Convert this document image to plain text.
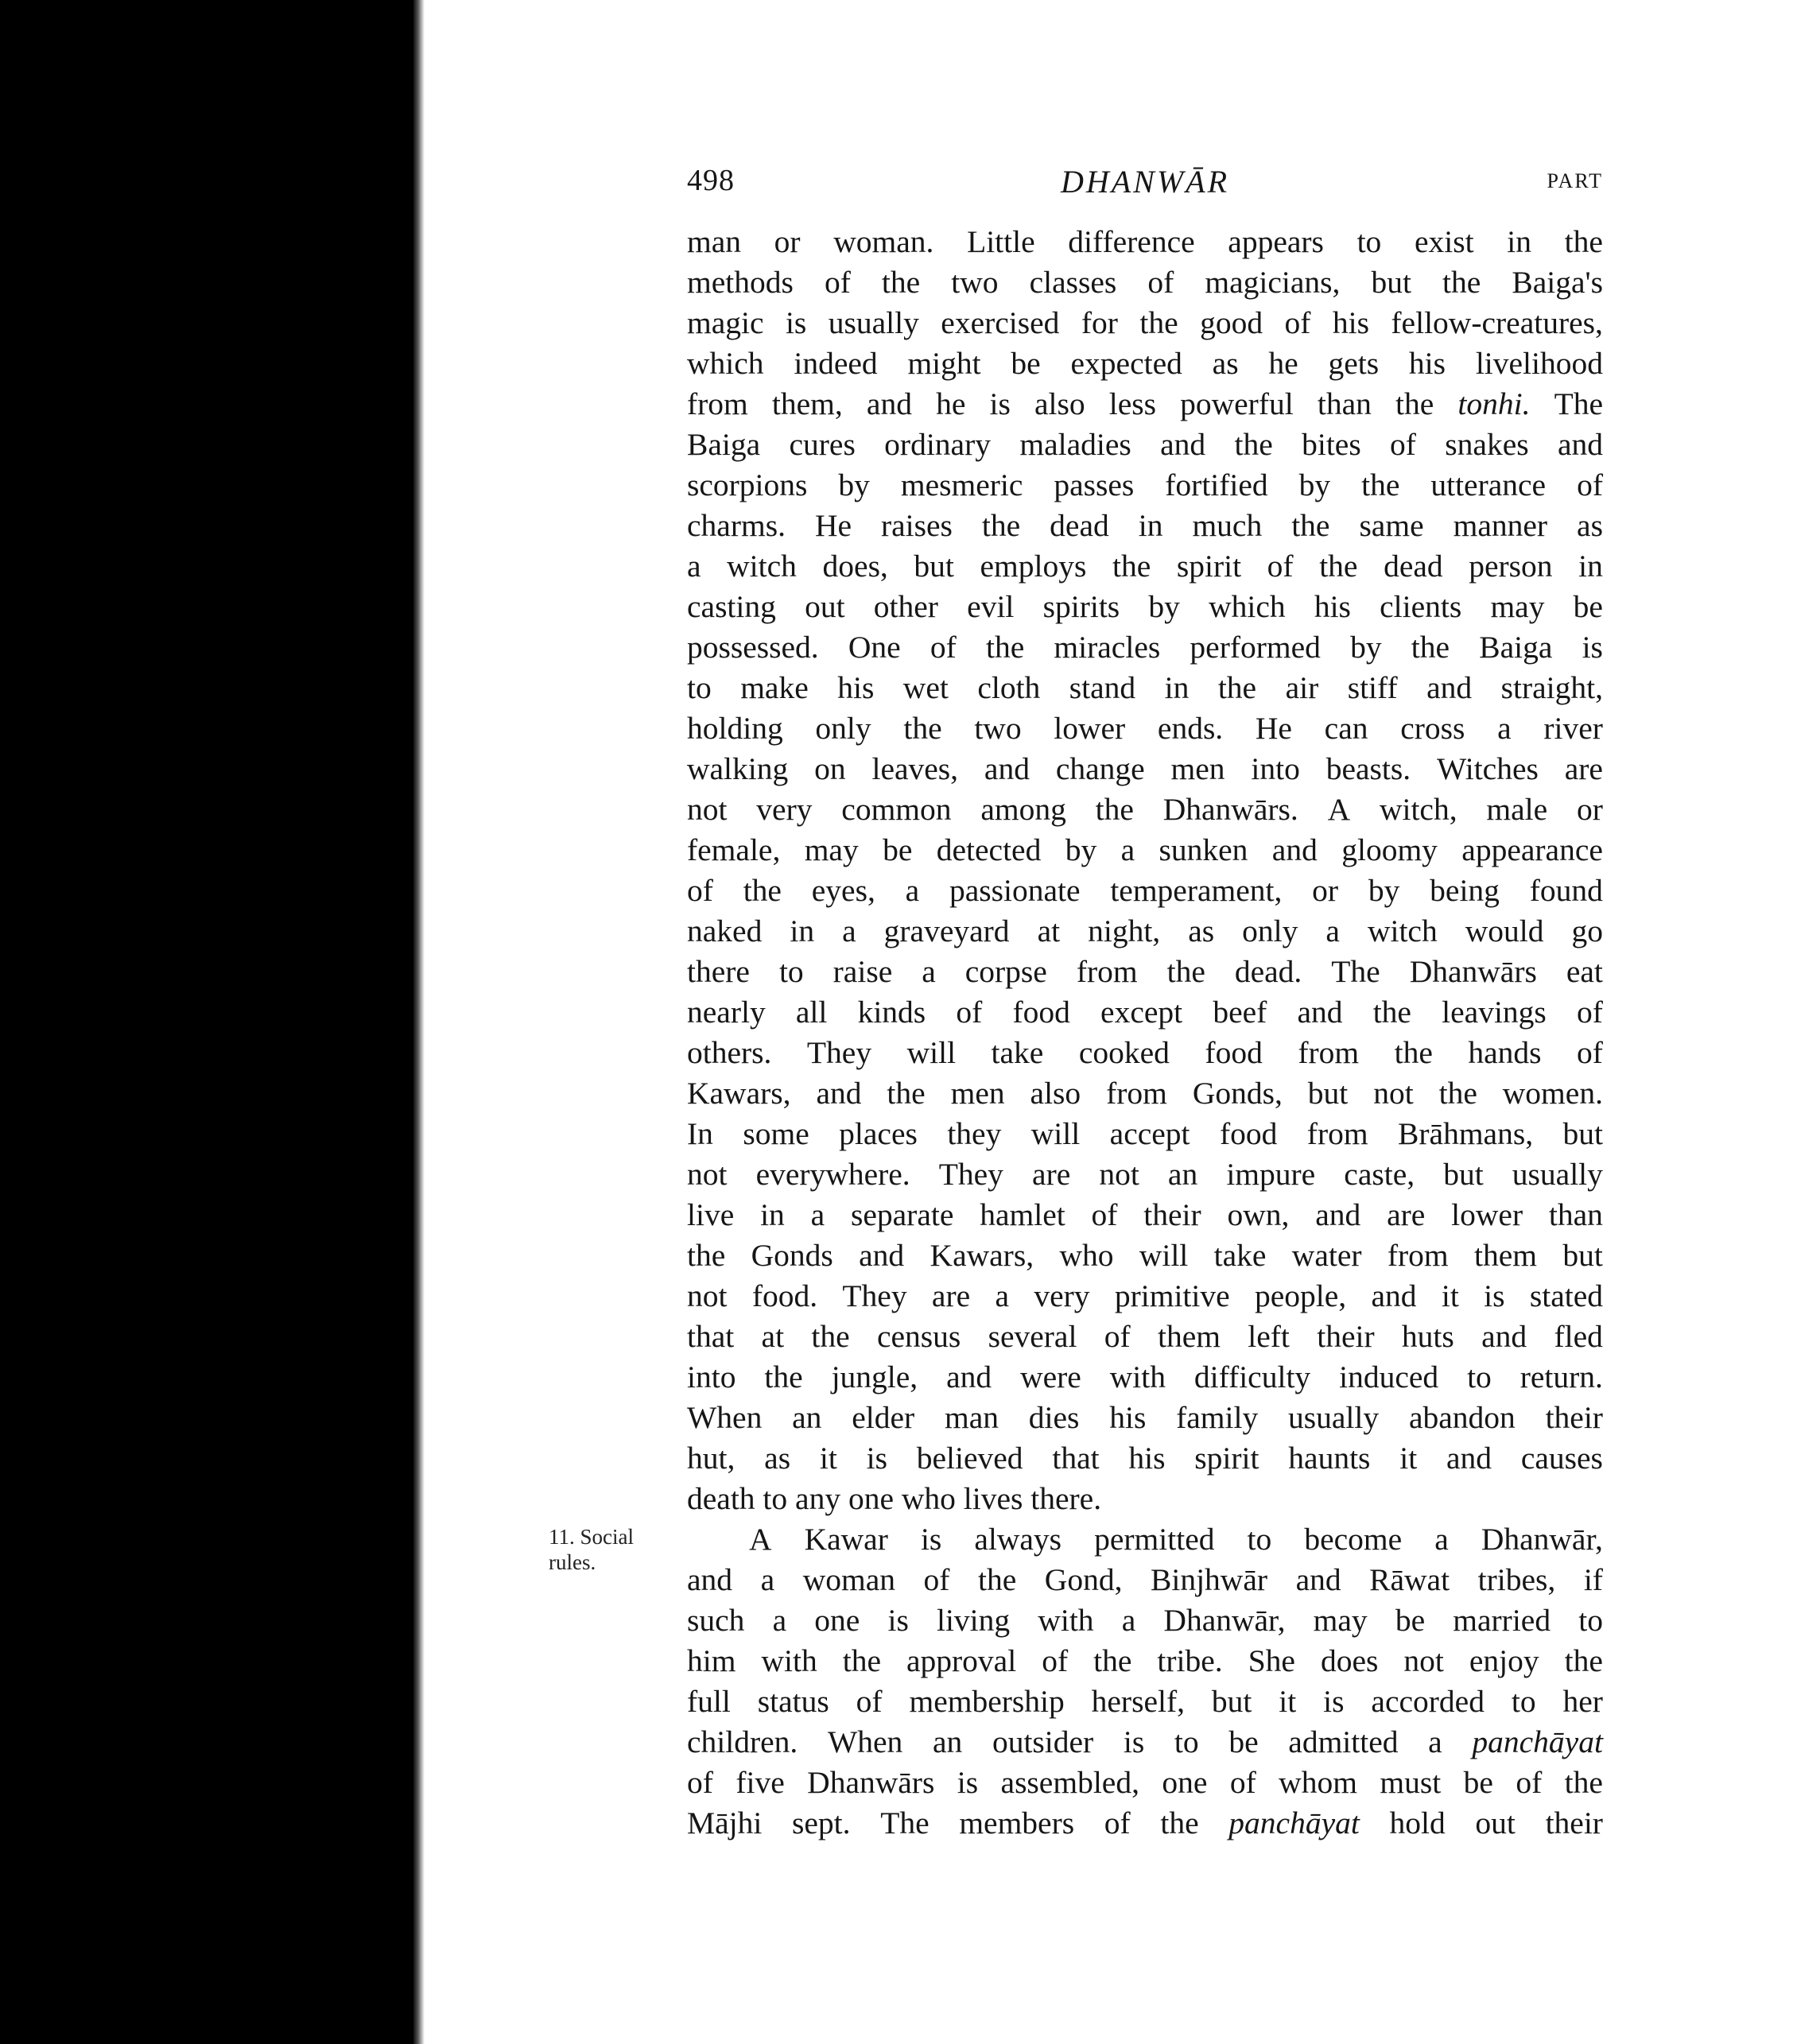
498	DHANWĀR	PART
11. Social
rules.
man or woman. Little difference appears to exist in the
methods of the two classes of magicians, but the Baiga's
magic is usually exercised for the good of his fellow-creatures,
which indeed might be expected as he gets his livelihood
from them, and he is also less powerful than the tonhi. The
Baiga cures ordinary maladies and the bites of snakes and
scorpions by mesmeric passes fortified by the utterance of
charms. He raises the dead in much the same manner as
a witch does, but employs the spirit of the dead person in
casting out other evil spirits by which his clients may be
possessed. One of the miracles performed by the Baiga is
to make his wet cloth stand in the air stiff and straight,
holding only the two lower ends. He can cross a river
walking on leaves, and change men into beasts. Witches are
not very common among the Dhanwārs. A witch, male or
female, may be detected by a sunken and gloomy appearance
of the eyes, a passionate temperament, or by being found
naked in a graveyard at night, as only a witch would go
there to raise a corpse from the dead. The Dhanwārs eat
nearly all kinds of food except beef and the leavings of
others. They will take cooked food from the hands of
Kawars, and the men also from Gonds, but not the women.
In some places they will accept food from Brāhmans, but
not everywhere. They are not an impure caste, but usually
live in a separate hamlet of their own, and are lower than
the Gonds and Kawars, who will take water from them but
not food. They are a very primitive people, and it is stated
that at the census several of them left their huts and fled
into the jungle, and were with difficulty induced to return.
When an elder man dies his family usually abandon their
hut, as it is believed that his spirit haunts it and causes
death to any one who lives there.
A Kawar is always permitted to become a Dhanwār,
and a woman of the Gond, Binjhwār and Rāwat tribes, if
such a one is living with a Dhanwār, may be married to
him with the approval of the tribe. She does not enjoy the
full status of membership herself, but it is accorded to her
children. When an outsider is to be admitted a panchāyat
of five Dhanwārs is assembled, one of whom must be of the
Mājhi sept. The members of the panchāyat hold out their
